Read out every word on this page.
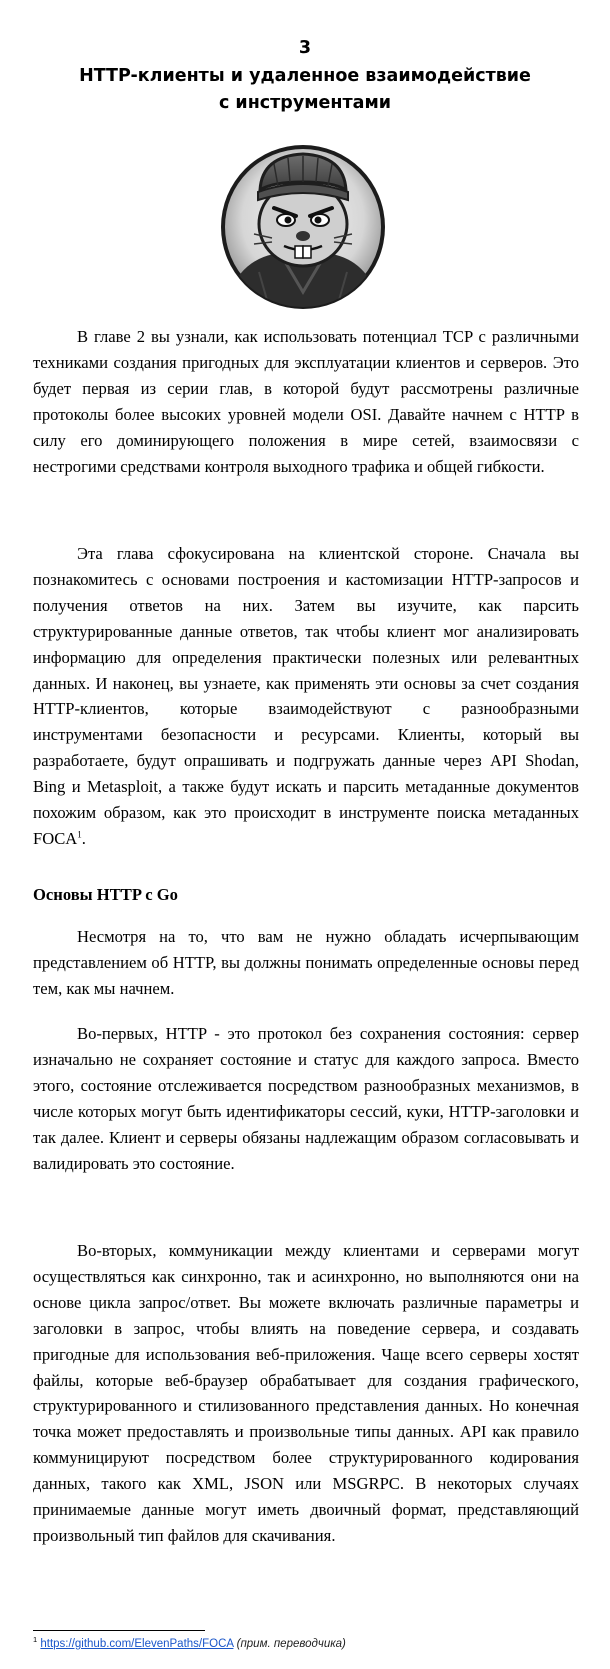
3
HTTP-клиенты и удаленное взаимодействие
с инструментами

В главе 2 вы узнали, как использовать потенциал TCP с различными техниками создания пригодных для эксплуатации клиентов и серверов. Это будет первая из серии глав, в которой будут рассмотрены различные протоколы более высоких уровней модели OSI. Давайте начнем с HTTP в силу его доминирующего положения в мире сетей, взаимосвязи с нестрогими средствами контроля выходного трафика и общей гибкости.

Эта глава сфокусирована на клиентской стороне. Сначала вы познакомитесь с основами построения и кастомизации HTTP-запросов и получения ответов на них. Затем вы изучите, как парсить структурированные данные ответов, так чтобы клиент мог анализировать информацию для определения практически полезных или релевантных данных. И наконец, вы узнаете, как применять эти основы за счет создания HTTP-клиентов, которые взаимодействуют с разнообразными инструментами безопасности и ресурсами. Клиенты, который вы разработаете, будут опрашивать и подгружать данные через API Shodan, Bing и Metasploit, а также будут искать и парсить метаданные документов похожим образом, как это происходит в инструменте поиска метаданных FOCA$^1$.

Основы HTTP с Go

Несмотря на то, что вам не нужно обладать исчерпывающим представлением об HTTP, вы должны понимать определенные основы перед тем, как мы начнем.

Во-первых, HTTP - это протокол без сохранения состояния: сервер изначально не сохраняет состояние и статус для каждого запроса. Вместо этого, состояние отслеживается посредством разнообразных механизмов, в числе которых могут быть идентификаторы сессий, куки, HTTP-заголовки и так далее. Клиент и серверы обязаны надлежащим образом согласовывать и валидировать это состояние.

Во-вторых, коммуникации между клиентами и серверами могут осуществляться как синхронно, так и асинхронно, но выполняются они на основе цикла запрос/ответ. Вы можете включать различные параметры и заголовки в запрос, чтобы влиять на поведение сервера, и создавать пригодные для использования веб-приложения. Чаще всего серверы хостят файлы, которые веб-браузер обрабатывает для создания графического, структурированного и стилизованного представления данных. Но конечная точка может предоставлять и произвольные типы данных. API как правило коммуницируют посредством более структурированного кодирования данных, такого как XML, JSON или MSGRPC. В некоторых случаях принимаемые данные могут иметь двоичный формат, представляющий произвольный тип файлов для скачивания.

$^1$ https://github.com/ElevenPaths/FOCA (прим. переводчика)
